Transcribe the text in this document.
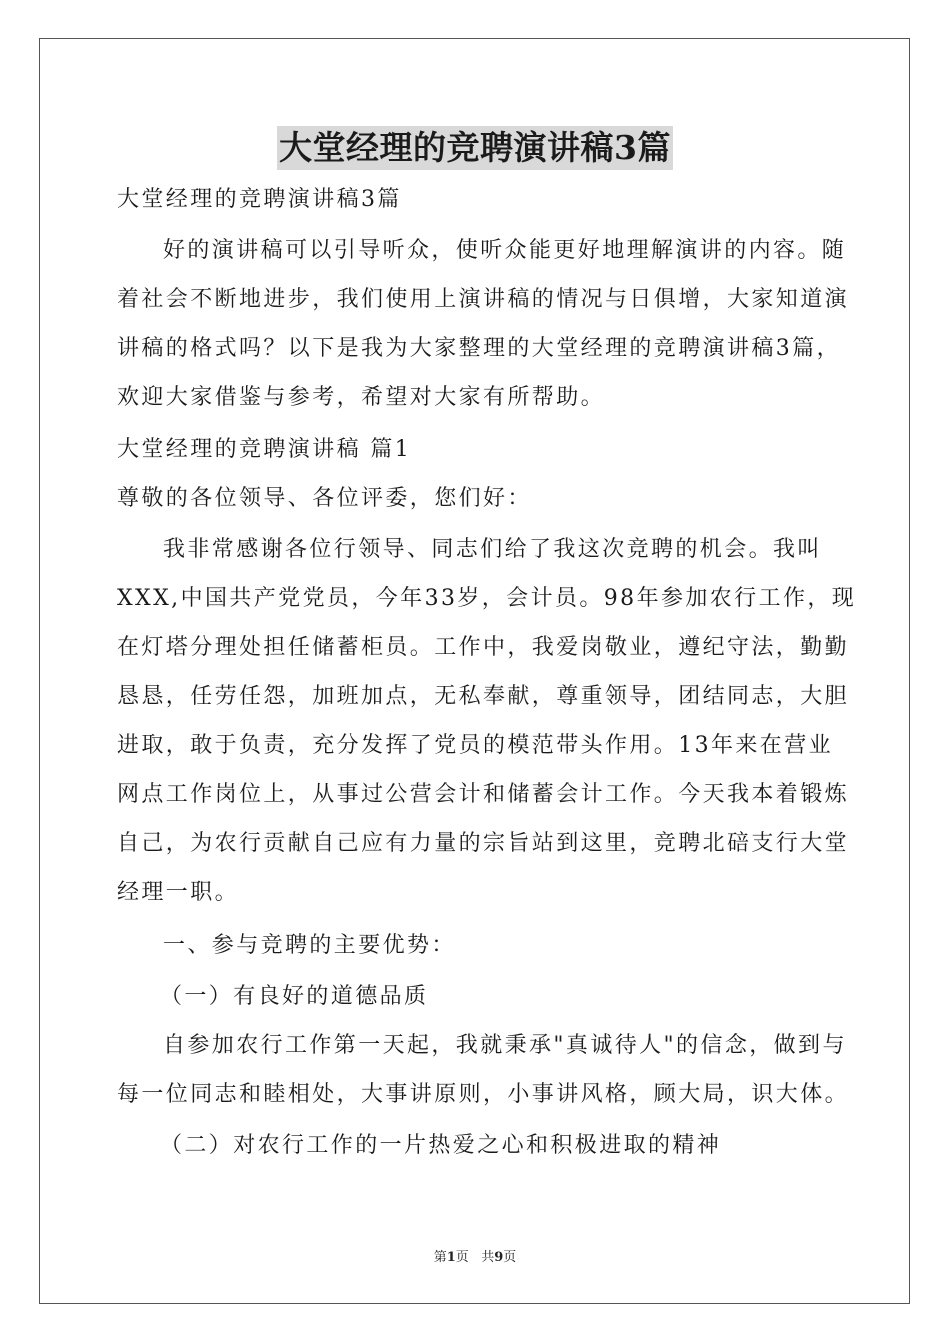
大堂经理的竞聘演讲稿3篇
大堂经理的竞聘演讲稿3篇
好的演讲稿可以引导听众，使听众能更好地理解演讲的内容。随
着社会不断地进步，我们使用上演讲稿的情况与日俱增，大家知道演
讲稿的格式吗？以下是我为大家整理的大堂经理的竞聘演讲稿3篇，
欢迎大家借鉴与参考，希望对大家有所帮助。
大堂经理的竞聘演讲稿 篇1
尊敬的各位领导、各位评委，您们好：
我非常感谢各位行领导、同志们给了我这次竞聘的机会。我叫
XXX,中国共产党党员，今年33岁，会计员。98年参加农行工作，现
在灯塔分理处担任储蓄柜员。工作中，我爱岗敬业，遵纪守法，勤勤
恳恳，任劳任怨，加班加点，无私奉献，尊重领导，团结同志，大胆
进取，敢于负责，充分发挥了党员的模范带头作用。13年来在营业
网点工作岗位上，从事过公营会计和储蓄会计工作。今天我本着锻炼
自己，为农行贡献自己应有力量的宗旨站到这里，竞聘北碚支行大堂
经理一职。
一、参与竞聘的主要优势：
（一）有良好的道德品质
自参加农行工作第一天起，我就秉承"真诚待人"的信念，做到与
每一位同志和睦相处，大事讲原则，小事讲风格，顾大局，识大体。
（二）对农行工作的一片热爱之心和积极进取的精神
第1页 共9页
